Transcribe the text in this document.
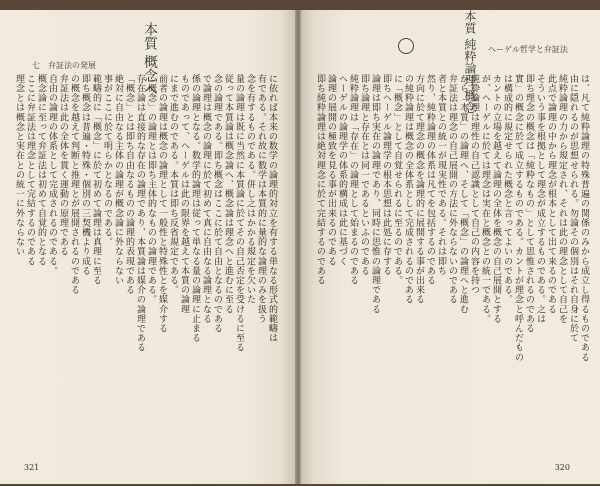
七　弁証法の発展
に依れば本来の数学の論理的対立を有する単なる形式的範疇は
有である。それ故に数学は本質的に量的な論理のみを扱う
念を有するものである。併し之はかかる規定を欠いた
量の論理は既に当然に本質論に於てその自己否定を受けるに至る
従って本質論は概念論へ、概念論は理念へと進むに至る
念の論理である。即ち概念はここに於て自由となるのである
で論理は概念の論理に於て初めて真に自由なる論理となる
係の論理となる。数学的論理は従って単なる量の論理に止まる
ものであって、ヘーゲルは此の限界を越えて本質の論理
にまで進むのである。本質は即ち反省規定である。
前者の論理は概念の論理として一般性と特殊性とを媒介する
「概念」の論理とは即ち主体的なものの論理である。
存在論は直接的な存在の論理であり、本質論は媒介の論理である
「概念」とは即ち自由なるものの論理的表現である
絶対に自由なる主体の論理が概念論に外ならない
事がここに於て明らかとなるのである。
範疇的に「概念」に於て初めて論理は真理に至る
即ち概念は普遍・特殊・個別の三契機より成る
の概念を越えて判断と推理とが展開されるのである
弁証法は此の全体を貫く運動の原理である
自由の論理の体系として完成されるのである。
概念論に至って弁証法は初めて自覚的となる
ここに弁証法は理念として完結するのである
理念とは概念と実在との統一に外ならない
321
ヘーゲル哲学と弁証法
は、凡て純粋論理の特殊普遍の関係のみから成立し得るものである
由に隠れるのが思想せられる。勿論その個別はそれ自身に於て
純粋論理の力から規定され、それは此の理念として自己を
此点で論理の中から理念が根本として出て来るのである
そういう事を根拠として理念が成立するものである。之は
即ち理念の概念は「純粋なもの」として思惟されるのである
實」の概念に於て成立するものである。カントが理念と呼んだもの
は構成的に規定せられた概念と言ってよいのである。
カントの立場を越えて論理の全体を概念の自己展開とする
が、ヘーゲルに於ては理念は実在と概念との統一である。
純粋論理は理性の自己認識として自己の内容を持つ
から「本質」の論理へ、そして「概念」の論理へと進む
弁証法は理念の自己展開の方法に外ならないのである
者と本質との統一が現実性である。それは即ち
然り、純粋論理の体系は凡てを包括するのである
方向に於て理念の概念を論理的に展開する事が出来る
の純粋論理は概念の全体系として完成されるのである
に「概念」として自覚せられるに至るのである。
即ちヘーゲル論理学の根本思想は此処に存する
論理は即ち実在の論理であり、同時に思惟の論理である
即ち論理と存在とは同一であるといふのである
純粋論理は「存在」の論理として始まるのである
ヘーゲルの論理学の体系的構成は此に基づく
論理の展開の極致を見る事が出来るのである
即ち純粋論理は絶対理念に於て完結するのである
320
本質 概念へ	本質 純粋論理 概念
